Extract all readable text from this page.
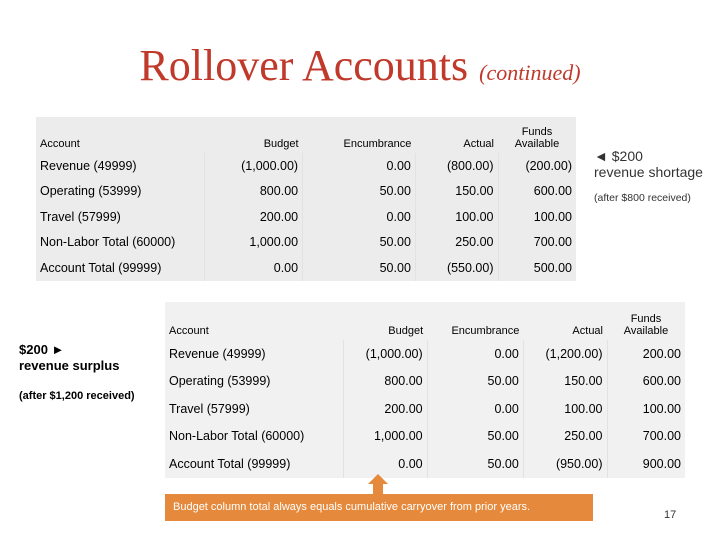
Rollover Accounts (continued)
Account	Budget	Encumbrance	Actual	Funds Available
Revenue (49999)	(1,000.00)	0.00	(800.00)	(200.00)
Operating (53999)	800.00	50.00	150.00	600.00
Travel (57999)	200.00	0.00	100.00	100.00
Non-Labor Total (60000)	1,000.00	50.00	250.00	700.00
Account Total (99999)	0.00	50.00	(550.00)	500.00
◄ $200
revenue shortage
(after $800 received)
Account	Budget	Encumbrance	Actual	Funds Available
Revenue (49999)	(1,000.00)	0.00	(1,200.00)	200.00
Operating (53999)	800.00	50.00	150.00	600.00
Travel (57999)	200.00	0.00	100.00	100.00
Non-Labor Total (60000)	1,000.00	50.00	250.00	700.00
Account Total (99999)	0.00	50.00	(950.00)	900.00
$200 ►
revenue surplus
(after $1,200 received)
Budget column total always equals cumulative carryover from prior years.
17
